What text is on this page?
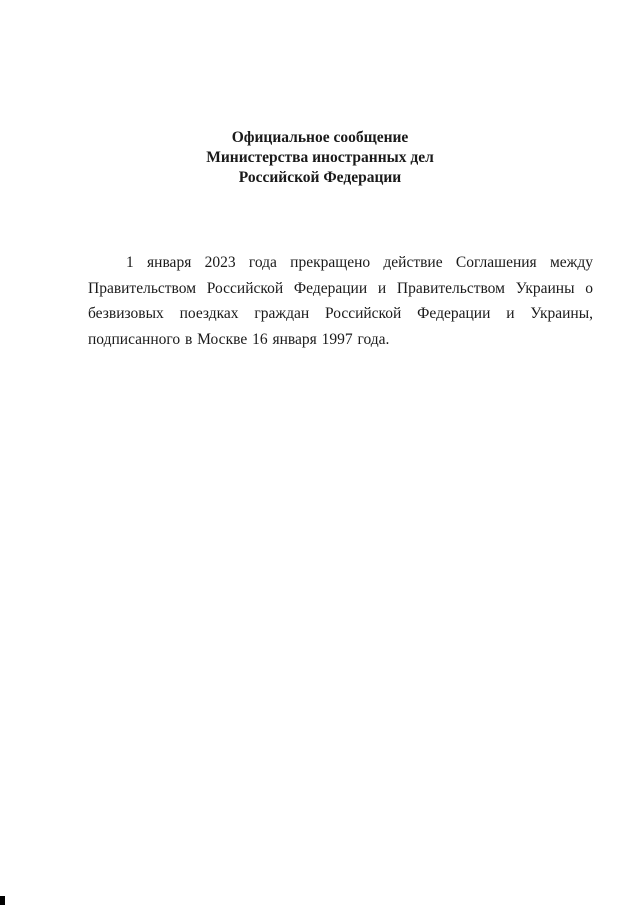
Официальное сообщение
Министерства иностранных дел
Российской Федерации

1 января 2023 года прекращено действие Соглашения между Правительством Российской Федерации и Правительством Украины о безвизовых поездках граждан Российской Федерации и Украины, подписанного в Москве 16 января 1997 года.
